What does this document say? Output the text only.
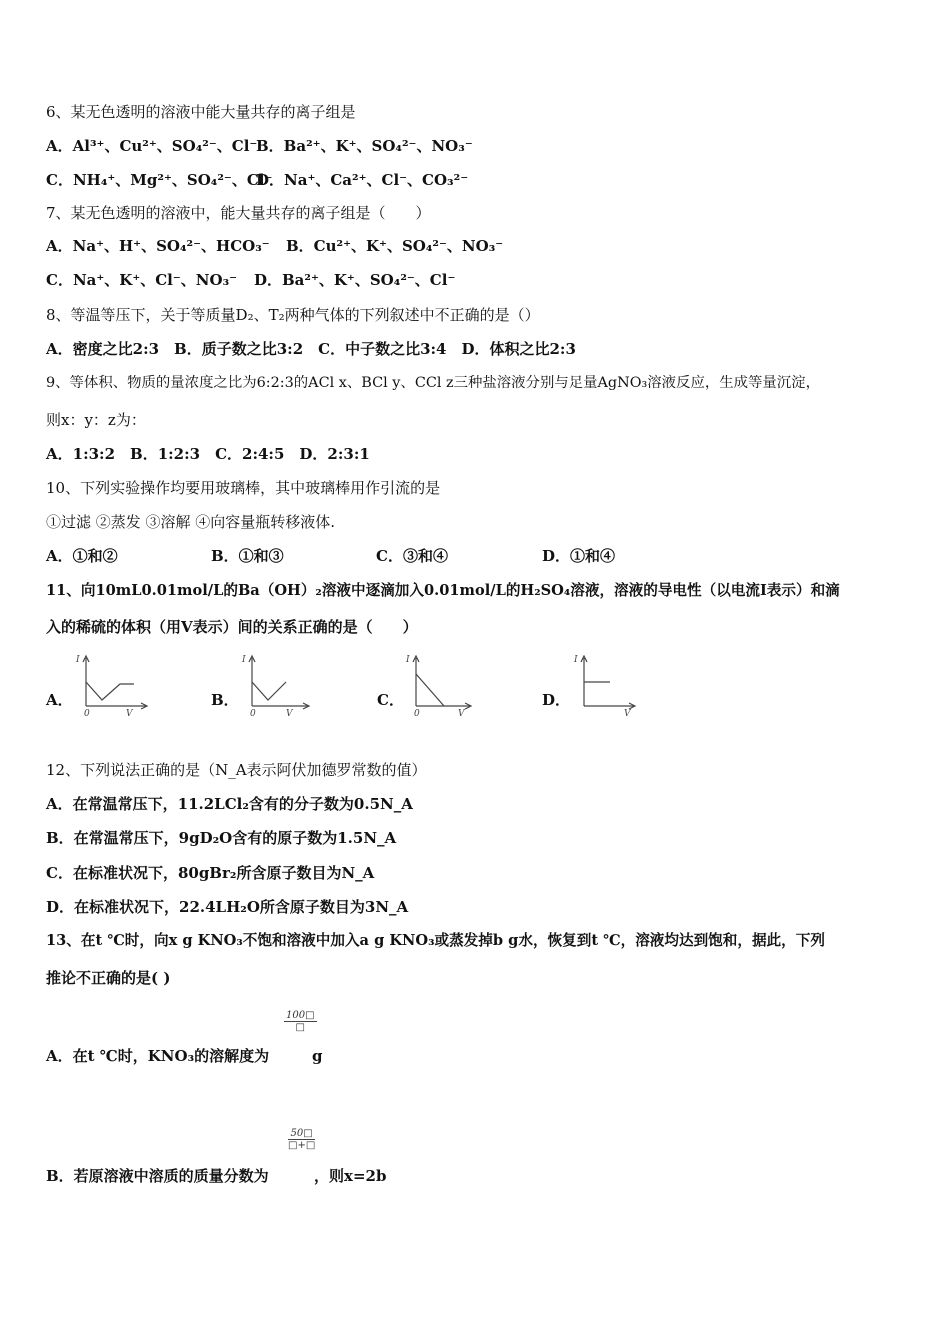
6、某无色透明的溶液中能大量共存的离子组是
A．Al³⁺、Cu²⁺、SO₄²⁻、Cl⁻
B．Ba²⁺、K⁺、SO₄²⁻、NO₃⁻
C．NH₄⁺、Mg²⁺、SO₄²⁻、Cl⁻
D．Na⁺、Ca²⁺、Cl⁻、CO₃²⁻
7、某无色透明的溶液中，能大量共存的离子组是（　　）
A．Na⁺、H⁺、SO₄²⁻、HCO₃⁻ B．Cu²⁺、K⁺、SO₄²⁻、NO₃⁻
C．Na⁺、K⁺、Cl⁻、NO₃⁻ D．Ba²⁺、K⁺、SO₄²⁻、Cl⁻
8、等温等压下，关于等质量D₂、T₂两种气体的下列叙述中不正确的是（）
A．密度之比2:3　B．质子数之比3:2　C．中子数之比3:4　D．体积之比2:3
9、等体积、物质的量浓度之比为6:2:3的ACl x、BCl y、CCl z三种盐溶液分别与足量AgNO₃溶液反应，生成等量沉淀，
则x：y：z为：
A．1:3:2　B．1:2:3　C．2:4:5　D．2:3:1
10、下列实验操作均要用玻璃棒，其中玻璃棒用作引流的是
①过滤 ②蒸发 ③溶解 ④向容量瓶转移液体.
A．①和②	B．①和③	C．③和④	D．①和④
11、向10mL0.01mol/L的Ba（OH）₂溶液中逐滴加入0.01mol/L的H₂SO₄溶液，溶液的导电性（以电流I表示）和滴
入的稀硫的体积（用V表示）间的关系正确的是（　　）
A．	B．	C．	D．
I
0	V
I
0	V
I
0	V
I
V
12、下列说法正确的是（N_A表示阿伏加德罗常数的值）
A．在常温常压下，11.2LCl₂含有的分子数为0.5N_A
B．在常温常压下，9gD₂O含有的原子数为1.5N_A
C．在标准状况下，80gBr₂所含原子数目为N_A
D．在标准状况下，22.4LH₂O所含原子数目为3N_A
13、在t ℃时，向x g KNO₃不饱和溶液中加入a g KNO₃或蒸发掉b g水，恢复到t ℃，溶液均达到饱和，据此，下列
推论不正确的是( )
100□
□
A．在t ℃时，KNO₃的溶解度为	g
50□
□+□
B．若原溶液中溶质的质量分数为	，则x=2b
